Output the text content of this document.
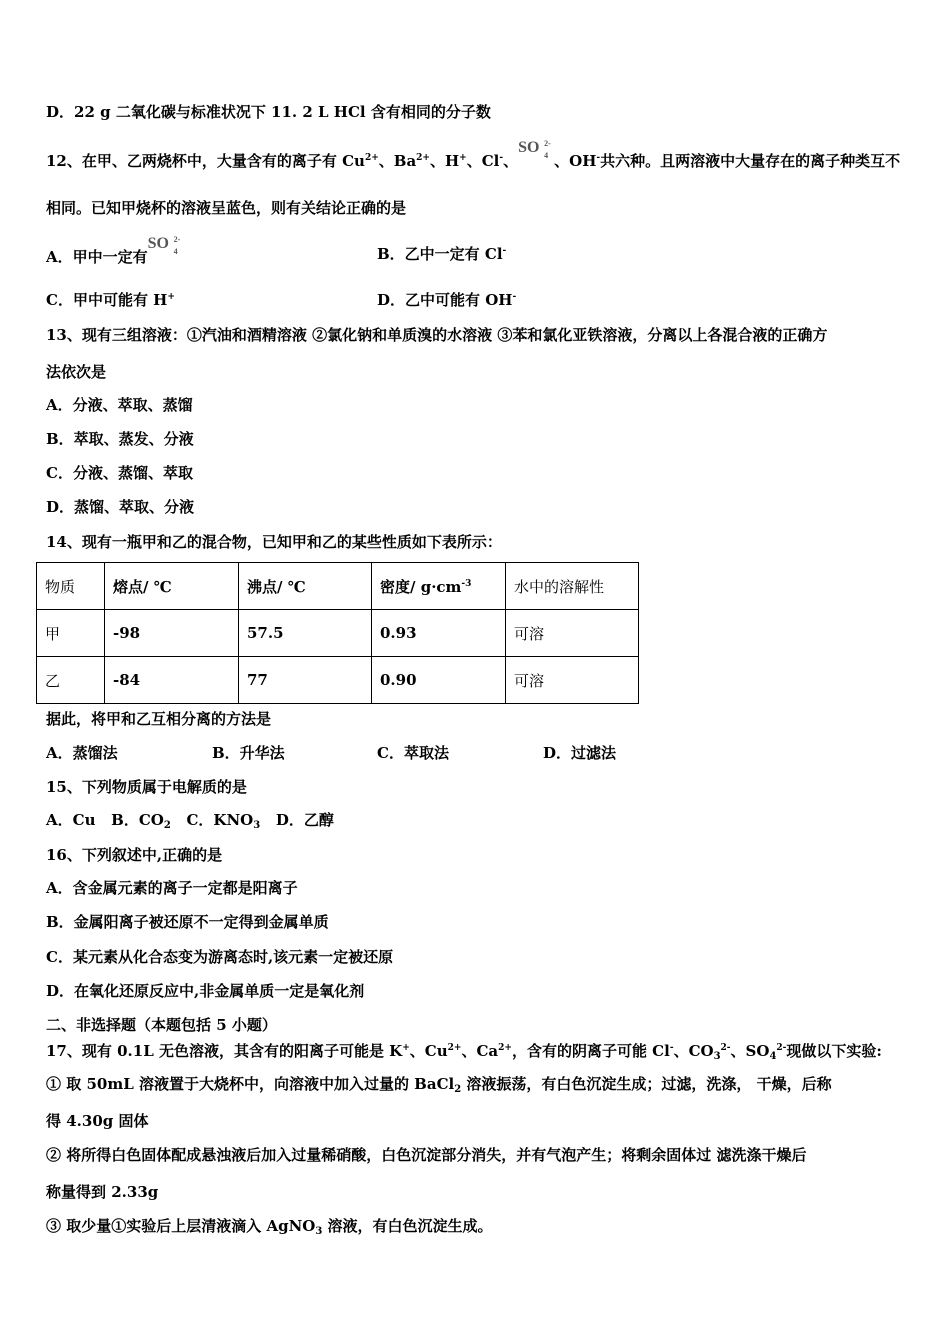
D．22 g 二氧化碳与标准状况下 11. 2 L HCl 含有相同的分子数
12、在甲、乙两烧杯中，大量含有的离子有 $Cu^{2+}$、$Ba^{2+}$、H+、Cl-、
SO 2-
4 、OH-共六种。且两溶液中大量存在的离子种类互不
相同。已知甲烧杯的溶液呈蓝色，则有关结论正确的是
A．甲中一定有
SO 2-
4	B．乙中一定有 Cl-
C．甲中可能有 H+	D．乙中可能有 OH-
13、现有三组溶液：①汽油和酒精溶液 ②氯化钠和单质溴的水溶液 ③苯和氯化亚铁溶液，分离以上各混合液的正确方
法依次是
A．分液、萃取、蒸馏
B．萃取、蒸发、分液
C．分液、蒸馏、萃取
D．蒸馏、萃取、分液
14、现有一瓶甲和乙的混合物，已知甲和乙的某些性质如下表所示：
物质	熔点/ ℃	沸点/ ℃	密度/ $g\cdot cm^{-3}$	水中的溶解性
甲	-98	57.5	0.93	可溶
乙	-84	77	0.90	可溶
据此，将甲和乙互相分离的方法是
A．蒸馏法	B．升华法	C．萃取法	D．过滤法
15、下列物质属于电解质的是
A．Cu B．$CO_2$ C．$KNO_3$ D．乙醇
16、下列叙述中,正确的是
A．含金属元素的离子一定都是阳离子
B．金属阳离子被还原不一定得到金属单质
C．某元素从化合态变为游离态时,该元素一定被还原
D．在氧化还原反应中,非金属单质一定是氧化剂
二、非选择题（本题包括 5 小题）
17、现有 0.1L 无色溶液，其含有的阳离子可能是 K+、$Cu^{2+}$、$Ca^{2+}$，含有的阴离子可能 Cl-、$CO_3^{2-}$、$SO_4^{2-}$现做以下实验:
① 取 50mL 溶液置于大烧杯中，向溶液中加入过量的 BaCl$_2$ 溶液振荡，有白色沉淀生成；过滤，洗涤， 干燥，后称
得 4.30g 固体
② 将所得白色固体配成悬浊液后加入过量稀硝酸，白色沉淀部分消失，并有气泡产生；将剩余固体过 滤洗涤干燥后
称量得到 2.33g
③ 取少量①实验后上层清液滴入 AgNO$_3$ 溶液，有白色沉淀生成。
